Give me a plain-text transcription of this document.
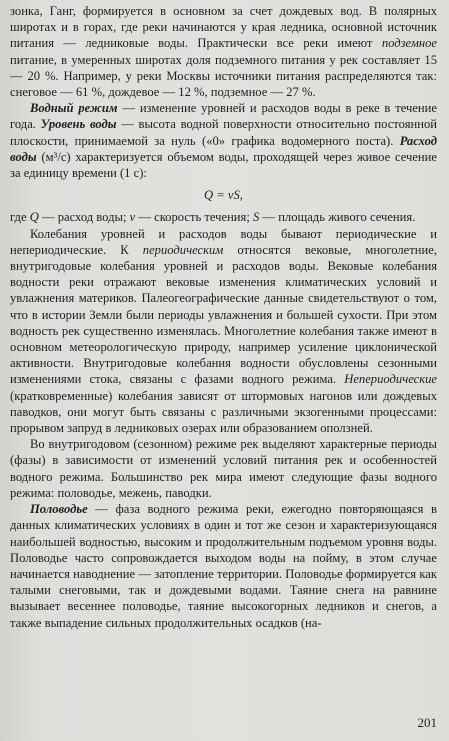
зонка, Ганг, формируется в основном за счет дождевых вод. В полярных широтах и в горах, где реки начинаются у края ледника, основной источник питания — ледниковые воды. Практически все реки имеют подземное питание, в умеренных широтах доля подземного питания у рек составляет 15 — 20 %. Например, у реки Москвы источники питания распределяются так: снеговое — 61 %, дождевое — 12 %, подземное — 27 %.

Водный режим — изменение уровней и расходов воды в реке в течение года. Уровень воды — высота водной поверхности относительно постоянной плоскости, принимаемой за нуль («0» графика водомерного поста). Расход воды (м³/с) характеризуется объемом воды, проходящей через живое сечение за единицу времени (1 с):

Q = vS,

где Q — расход воды; v — скорость течения; S — площадь живого сечения.

Колебания уровней и расходов воды бывают периодические и непериодические. К периодическим относятся вековые, многолетние, внутригодовые колебания уровней и расходов воды. Вековые колебания водности реки отражают вековые изменения климатических условий и увлажнения материков. Палеогеографические данные свидетельствуют о том, что в истории Земли были периоды увлажнения и большей сухости. При этом водность рек существенно изменялась. Многолетние колебания также имеют в основном метеорологическую природу, например усиление циклонической активности. Внутригодовые колебания водности обусловлены сезонными изменениями стока, связаны с фазами водного режима. Непериодические (кратковременные) колебания зависят от штормовых нагонов или дождевых паводков, они могут быть связаны с различными экзогенными процессами: прорывом запруд в ледниковых озерах или образованием оползней.

Во внутригодовом (сезонном) режиме рек выделяют характерные периоды (фазы) в зависимости от изменений условий питания рек и особенностей водного режима. Большинство рек мира имеют следующие фазы водного режима: половодье, межень, паводки.

Половодье — фаза водного режима реки, ежегодно повторяющаяся в данных климатических условиях в один и тот же сезон и характеризующаяся наибольшей водностью, высоким и продолжительным подъемом уровня воды. Половодье часто сопровождается выходом воды на пойму, в этом случае начинается наводнение — затопление территории. Половодье формируется как талыми снеговыми, так и дождевыми водами. Таяние снега на равнине вызывает весеннее половодье, таяние высокогорных ледников и снегов, а также выпадение сильных продолжительных осадков (на-

201
